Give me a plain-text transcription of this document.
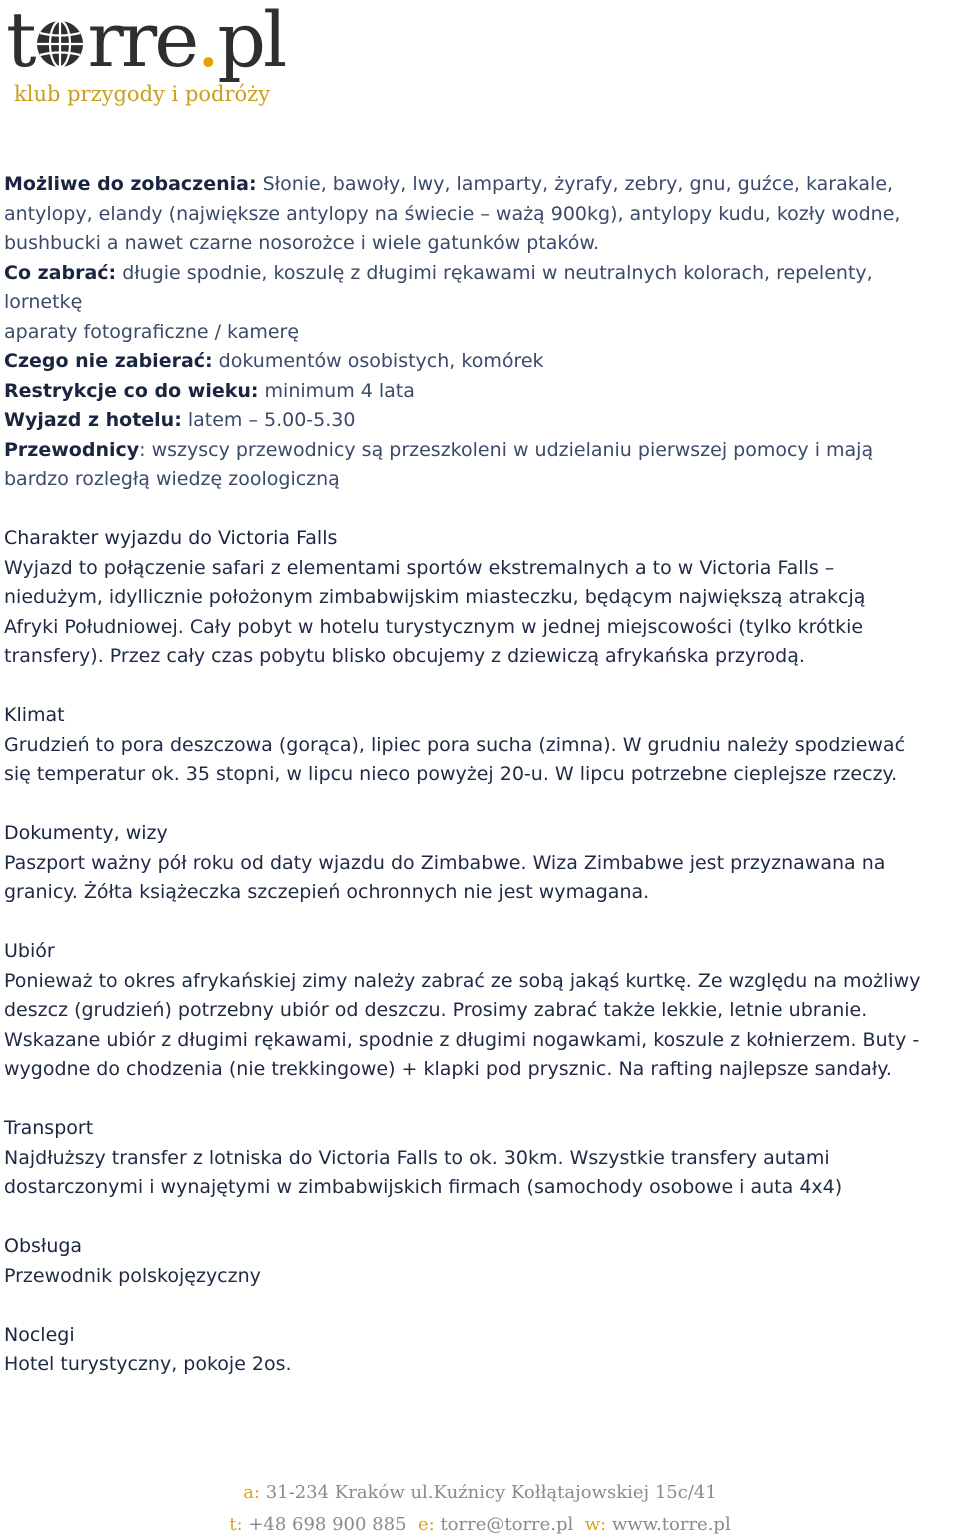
t rre.pl
klub przygody i podróży
Możliwe do zobaczenia: Słonie, bawoły, lwy, lamparty, żyrafy, zebry, gnu, guźce, karakale,
antylopy, elandy (największe antylopy na świecie – ważą 900kg), antylopy kudu, kozły wodne,
bushbucki a nawet czarne nosorożce i wiele gatunków ptaków.
Co zabrać: długie spodnie, koszulę z długimi rękawami w neutralnych kolorach, repelenty,
lornetkę
aparaty fotograficzne / kamerę
Czego nie zabierać: dokumentów osobistych, komórek
Restrykcje co do wieku: minimum 4 lata
Wyjazd z hotelu: latem – 5.00-5.30
Przewodnicy: wszyscy przewodnicy są przeszkoleni w udzielaniu pierwszej pomocy i mają
bardzo rozległą wiedzę zoologiczną
Charakter wyjazdu do Victoria Falls
Wyjazd to połączenie safari z elementami sportów ekstremalnych a to w Victoria Falls –
niedużym, idyllicznie położonym zimbabwijskim miasteczku, będącym największą atrakcją
Afryki Południowej. Cały pobyt w hotelu turystycznym w jednej miejscowości (tylko krótkie
transfery). Przez cały czas pobytu blisko obcujemy z dziewiczą afrykańska przyrodą.
Klimat
Grudzień to pora deszczowa (gorąca), lipiec pora sucha (zimna). W grudniu należy spodziewać
się temperatur ok. 35 stopni, w lipcu nieco powyżej 20-u. W lipcu potrzebne cieplejsze rzeczy.
Dokumenty, wizy
Paszport ważny pół roku od daty wjazdu do Zimbabwe. Wiza Zimbabwe jest przyznawana na
granicy. Żółta książeczka szczepień ochronnych nie jest wymagana.
Ubiór
Ponieważ to okres afrykańskiej zimy należy zabrać ze sobą jakąś kurtkę. Ze względu na możliwy
deszcz (grudzień) potrzebny ubiór od deszczu. Prosimy zabrać także lekkie, letnie ubranie.
Wskazane ubiór z długimi rękawami, spodnie z długimi nogawkami, koszule z kołnierzem. Buty -
wygodne do chodzenia (nie trekkingowe) + klapki pod prysznic. Na rafting najlepsze sandały.
Transport
Najdłuższy transfer z lotniska do Victoria Falls to ok. 30km. Wszystkie transfery autami
dostarczonymi i wynajętymi w zimbabwijskich firmach (samochody osobowe i auta 4x4)
Obsługa
Przewodnik polskojęzyczny
Noclegi
Hotel turystyczny, pokoje 2os.
a: 31-234 Kraków ul.Kuźnicy Kołłątajowskiej 15c/41
t: +48 698 900 885 e: torre@torre.pl w: www.torre.pl
